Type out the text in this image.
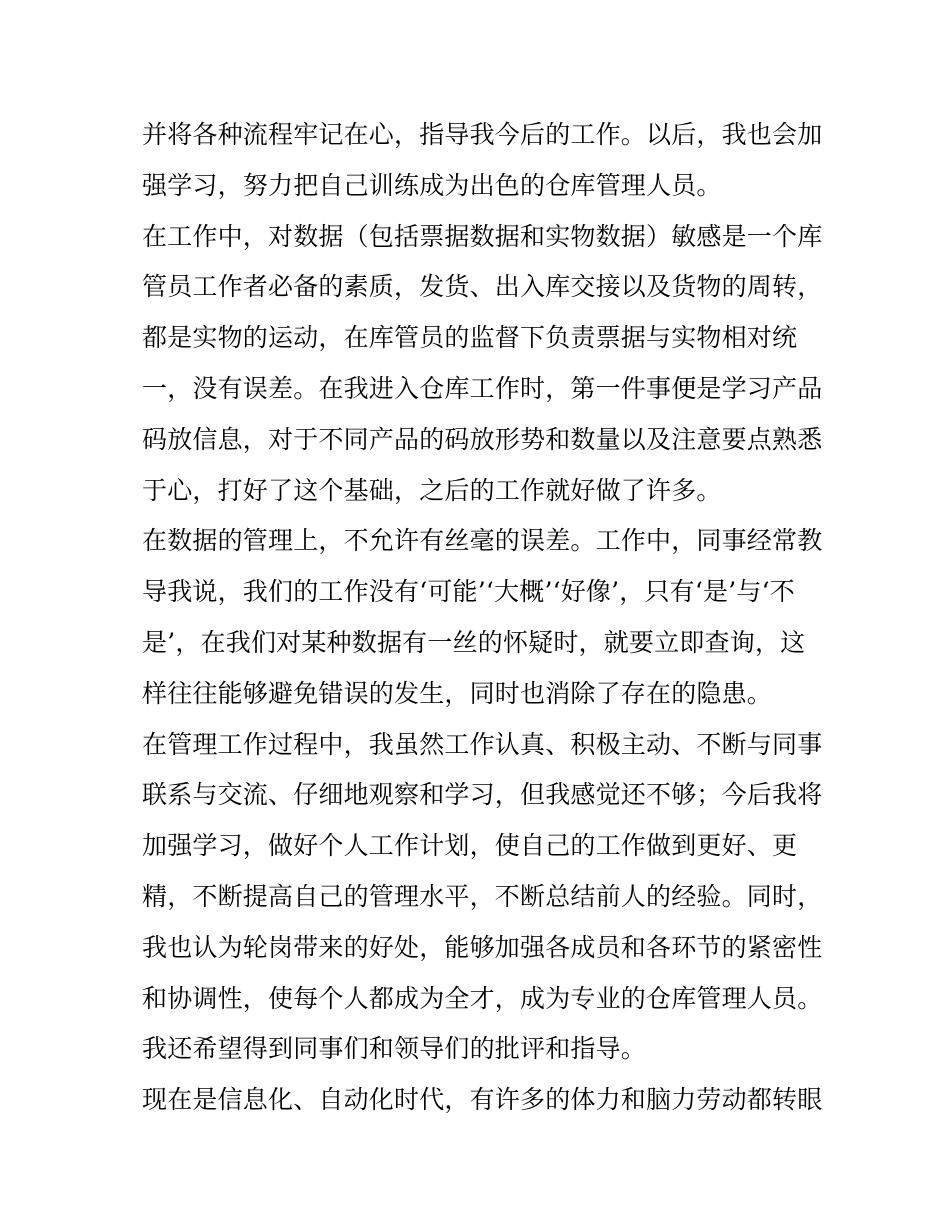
并将各种流程牢记在心，指导我今后的工作。以后，我也会加
强学习，努力把自己训练成为出色的仓库管理人员。
在工作中，对数据（包括票据数据和实物数据）敏感是一个库
管员工作者必备的素质，发货、出入库交接以及货物的周转，
都是实物的运动，在库管员的监督下负责票据与实物相对统
一，没有误差。在我进入仓库工作时，第一件事便是学习产品
码放信息，对于不同产品的码放形势和数量以及注意要点熟悉
于心，打好了这个基础，之后的工作就好做了许多。
在数据的管理上，不允许有丝毫的误差。工作中，同事经常教
导我说，我们的工作没有‘可能’‘大概’‘好像’，只有‘是’与‘不
是’，在我们对某种数据有一丝的怀疑时，就要立即查询，这
样往往能够避免错误的发生，同时也消除了存在的隐患。
在管理工作过程中，我虽然工作认真、积极主动、不断与同事
联系与交流、仔细地观察和学习，但我感觉还不够；今后我将
加强学习，做好个人工作计划，使自己的工作做到更好、更
精，不断提高自己的管理水平，不断总结前人的经验。同时，
我也认为轮岗带来的好处，能够加强各成员和各环节的紧密性
和协调性，使每个人都成为全才，成为专业的仓库管理人员。
我还希望得到同事们和领导们的批评和指导。
现在是信息化、自动化时代，有许多的体力和脑力劳动都转眼
